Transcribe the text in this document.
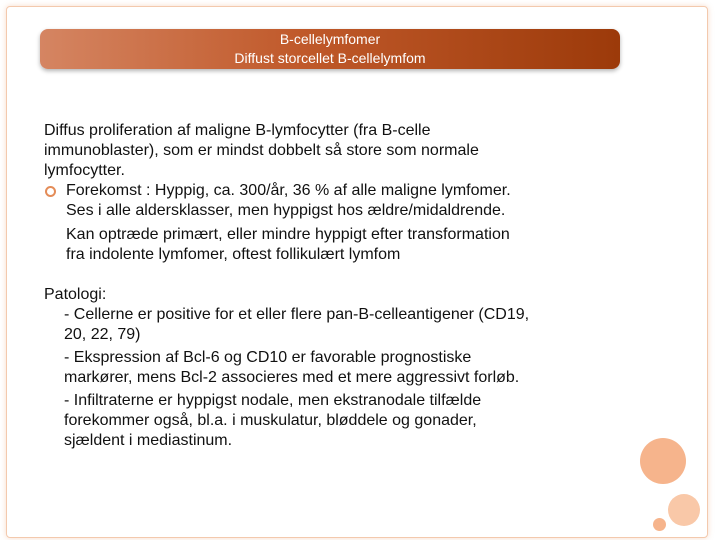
B-cellelymfomer
Diffust storcellet B-cellelymfom
Diffus proliferation af maligne B-lymfocytter (fra B-celle
immunoblaster), som er mindst dobbelt så store som normale
lymfocytter.
Forekomst : Hyppig, ca. 300/år, 36 % af alle maligne lymfomer.
Ses i alle aldersklasser, men hyppigst hos ældre/midaldrende.
Kan optræde primært, eller mindre hyppigt efter transformation
fra indolente lymfomer, oftest follikulært lymfom
Patologi:
- Cellerne er positive for et eller flere pan-B-celleantigener (CD19,
20, 22, 79)
- Ekspression af Bcl-6 og CD10 er favorable prognostiske
markører, mens Bcl-2 associeres med et mere aggressivt forløb.
- Infiltraterne er hyppigst nodale, men ekstranodale tilfælde
forekommer også, bl.a. i muskulatur, bløddele og gonader,
sjældent i mediastinum.
